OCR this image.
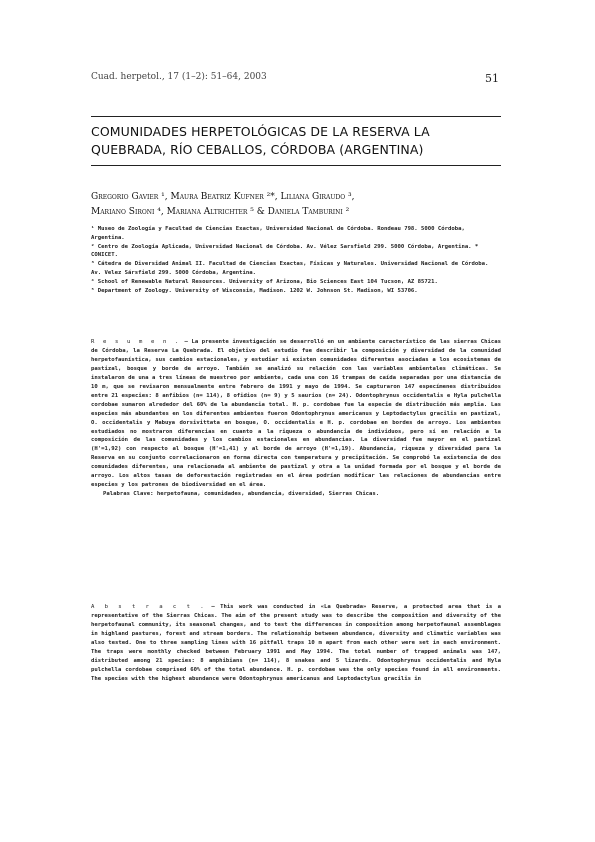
Cuad. herpetol., 17 (1–2): 51–64, 2003	51
COMUNIDADES HERPETOLÓGICAS DE LA RESERVA LA
QUEBRADA, RÍO CEBALLOS, CÓRDOBA (ARGENTINA)
Gregorio Gavier ¹, Maura Beatriz Kufner ²*, Liliana Giraudo ³,
Mariano Sironi ⁴, Mariana Altrichter ⁵ & Daniela Tamburini ²

¹ Museo de Zoología y Facultad de Ciencias Exactas, Universidad Nacional de Córdoba. Rondeau 798. 5000 Córdoba, Argentina.

² Centro de Zoología Aplicada, Universidad Nacional de Córdoba. Av. Vélez Sarsfield 299. 5000 Córdoba, Argentina. * CONICET.

³ Cátedra de Diversidad Animal II. Facultad de Ciencias Exactas, Físicas y Naturales. Universidad Nacional de Córdoba. Av. Velez Sársfield 299. 5000 Córdoba, Argentina.

⁴ School of Renewable Natural Resources. University of Arizona, Bio Sciences East 104 Tucson, AZ 85721.

⁵ Department of Zoology. University of Wisconsin, Madison. 1202 W. Johnson St. Madison, WI 53706.

R e s u m e n . — La presente investigación se desarrolló en un ambiente característico de las sierras Chicas de Córdoba, la Reserva La Quebrada. El objetivo del estudio fue describir la composición y diversidad de la comunidad herpetofaunística, sus cambios estacionales, y estudiar si existen comunidades diferentes asociadas a los ecosistemas de pastizal, bosque y borde de arroyo. También se analizó su relación con las variables ambientales climáticas. Se instalaron de una a tres líneas de muestreo por ambiente, cada una con 16 trampas de caída separadas por una distancia de 10 m, que se revisaron mensualmente entre febrero de 1991 y mayo de 1994. Se capturaron 147 especímenes distribuidos entre 21 especies: 8 anfibios (n= 114), 8 ofidios (n= 9) y 5 saurios (n= 24). Odontophrynus occidentalis e Hyla pulchella cordobae sumaron alrededor del 60% de la abundancia total. H. p. cordobae fue la especie de distribución más amplia. Las especies más abundantes en los diferentes ambientes fueron Odontophrynus americanus y Leptodactylus gracilis en pastizal, O. occidentalis y Mabuya dorsivittata en bosque, O. occidentalis e H. p. cordobae en bordes de arroyo. Los ambientes estudiados no mostraron diferencias en cuanto a la riqueza o abundancia de individuos, pero sí en relación a la composición de las comunidades y los cambios estacionales en abundancias. La diversidad fue mayor en el pastizal (H'=1,92) con respecto al bosque (H'=1,41) y al borde de arroyo (H'=1,19). Abundancia, riqueza y diversidad para la Reserva en su conjunto correlacionaron en forma directa con temperatura y precipitación. Se comprobó la existencia de dos comunidades diferentes, una relacionada al ambiente de pastizal y otra a la unidad formada por el bosque y el borde de arroyo. Los altos tasas de deforestación registradas en el área podrían modificar las relaciones de abundancias entre especies y los patrones de biodiversidad en el área.

Palabras Clave: herpetofauna, comunidades, abundancia, diversidad, Sierras Chicas.

A b s t r a c t . — This work was conducted in «La Quebrada» Reserve, a protected area that is a representative of the Sierras Chicas. The aim of the present study was to describe the composition and diversity of the herpetofaunal community, its seasonal changes, and to test the differences in composition among herpetofaunal assemblages in highland pastures, forest and stream borders. The relationship between abundance, diversity and climatic variables was also tested. One to three sampling lines with 16 pitfall traps 10 m apart from each other were set in each environment. The traps were monthly checked between February 1991 and May 1994. The total number of trapped animals was 147, distributed among 21 species: 8 amphibians (n= 114), 8 snakes and 5 lizards. Odontophrynus occidentalis and Hyla pulchella cordobae comprised 60% of the total abundance. H. p. cordobae was the only species found in all environments. The species with the highest abundance were Odontophrynus americanus and Leptodactylus gracilis in
